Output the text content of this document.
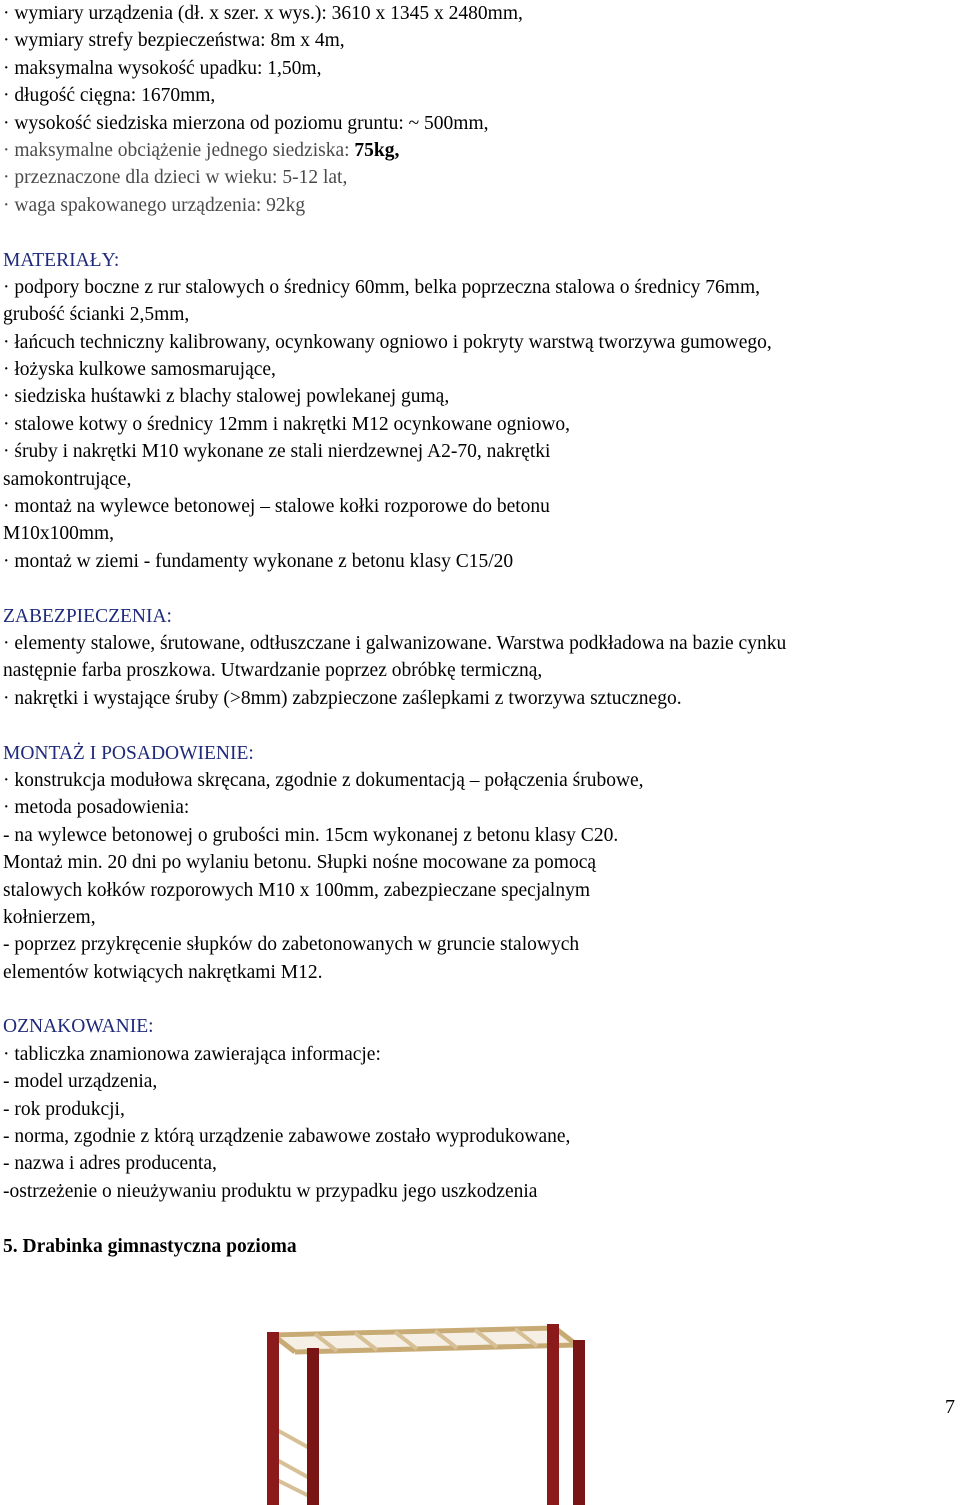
· wymiary urządzenia (dł. x szer. x wys.): 3610 x 1345 x 2480mm,
· wymiary strefy bezpieczeństwa: 8m x 4m,
· maksymalna wysokość upadku: 1,50m,
· długość cięgna: 1670mm,
· wysokość siedziska mierzona od poziomu gruntu: ~ 500mm,
· maksymalne obciążenie jednego siedziska: 75kg,
· przeznaczone dla dzieci w wieku: 5-12 lat,
· waga spakowanego urządzenia: 92kg
MATERIAŁY:
· podpory boczne z rur stalowych o średnicy 60mm, belka poprzeczna stalowa o średnicy 76mm,
grubość ścianki 2,5mm,
· łańcuch techniczny kalibrowany, ocynkowany ogniowo i pokryty warstwą tworzywa gumowego,
· łożyska kulkowe samosmarujące,
· siedziska huśtawki z blachy stalowej powlekanej gumą,
· stalowe kotwy o średnicy 12mm i nakrętki M12 ocynkowane ogniowo,
· śruby i nakrętki M10 wykonane ze stali nierdzewnej A2-70, nakrętki
samokontrujące,
· montaż na wylewce betonowej – stalowe kołki rozporowe do betonu
M10x100mm,
· montaż w ziemi - fundamenty wykonane z betonu klasy C15/20
ZABEZPIECZENIA:
· elementy stalowe, śrutowane, odtłuszczane i galwanizowane. Warstwa podkładowa na bazie cynku
następnie farba proszkowa. Utwardzanie poprzez obróbkę termiczną,
· nakrętki i wystające śruby (>8mm) zabzpieczone zaślepkami z tworzywa sztucznego.
MONTAŻ I POSADOWIENIE:
· konstrukcja modułowa skręcana, zgodnie z dokumentacją – połączenia śrubowe,
· metoda posadowienia:
- na wylewce betonowej o grubości min. 15cm wykonanej z betonu klasy C20.
Montaż min. 20 dni po wylaniu betonu. Słupki nośne mocowane za pomocą
stalowych kołków rozporowych M10 x 100mm, zabezpieczane specjalnym
kołnierzem,
- poprzez przykręcenie słupków do zabetonowanych w gruncie stalowych
elementów kotwiących nakrętkami M12.
OZNAKOWANIE:
· tabliczka znamionowa zawierająca informacje:
- model urządzenia,
- rok produkcji,
- norma, zgodnie z którą urządzenie zabawowe zostało wyprodukowane,
- nazwa i adres producenta,
-ostrzeżenie o nieużywaniu produktu w przypadku jego uszkodzenia
5. Drabinka gimnastyczna pozioma
7
